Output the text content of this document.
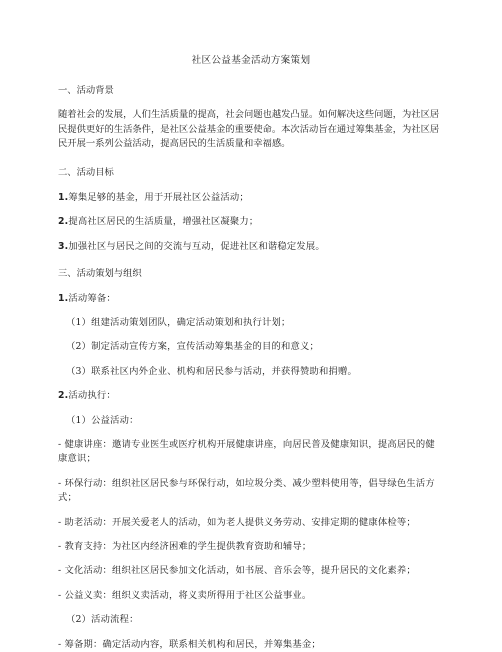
社区公益基金活动方案策划
一、活动背景
随着社会的发展，人们生活质量的提高，社会问题也越发凸显。如何解决这些问题，为社区居民提供更好的生活条件，是社区公益基金的重要使命。本次活动旨在通过筹集基金，为社区居民开展一系列公益活动，提高居民的生活质量和幸福感。
二、活动目标
1.筹集足够的基金，用于开展社区公益活动；
2.提高社区居民的生活质量，增强社区凝聚力；
3.加强社区与居民之间的交流与互动，促进社区和谐稳定发展。
三、活动策划与组织
1.活动筹备：
（1）组建活动策划团队，确定活动策划和执行计划；
（2）制定活动宣传方案，宣传活动筹集基金的目的和意义；
（3）联系社区内外企业、机构和居民参与活动，并获得赞助和捐赠。
2.活动执行：
（1）公益活动：
- 健康讲座：邀请专业医生或医疗机构开展健康讲座，向居民普及健康知识，提高居民的健康意识；
- 环保行动：组织社区居民参与环保行动，如垃圾分类、减少塑料使用等，倡导绿色生活方式；
- 助老活动：开展关爱老人的活动，如为老人提供义务劳动、安排定期的健康体检等；
- 教育支持：为社区内经济困难的学生提供教育资助和辅导；
- 文化活动：组织社区居民参加文化活动，如书展、音乐会等，提升居民的文化素养；
- 公益义卖：组织义卖活动，将义卖所得用于社区公益事业。
（2）活动流程：
- 筹备期：确定活动内容，联系相关机构和居民，并筹集基金；
